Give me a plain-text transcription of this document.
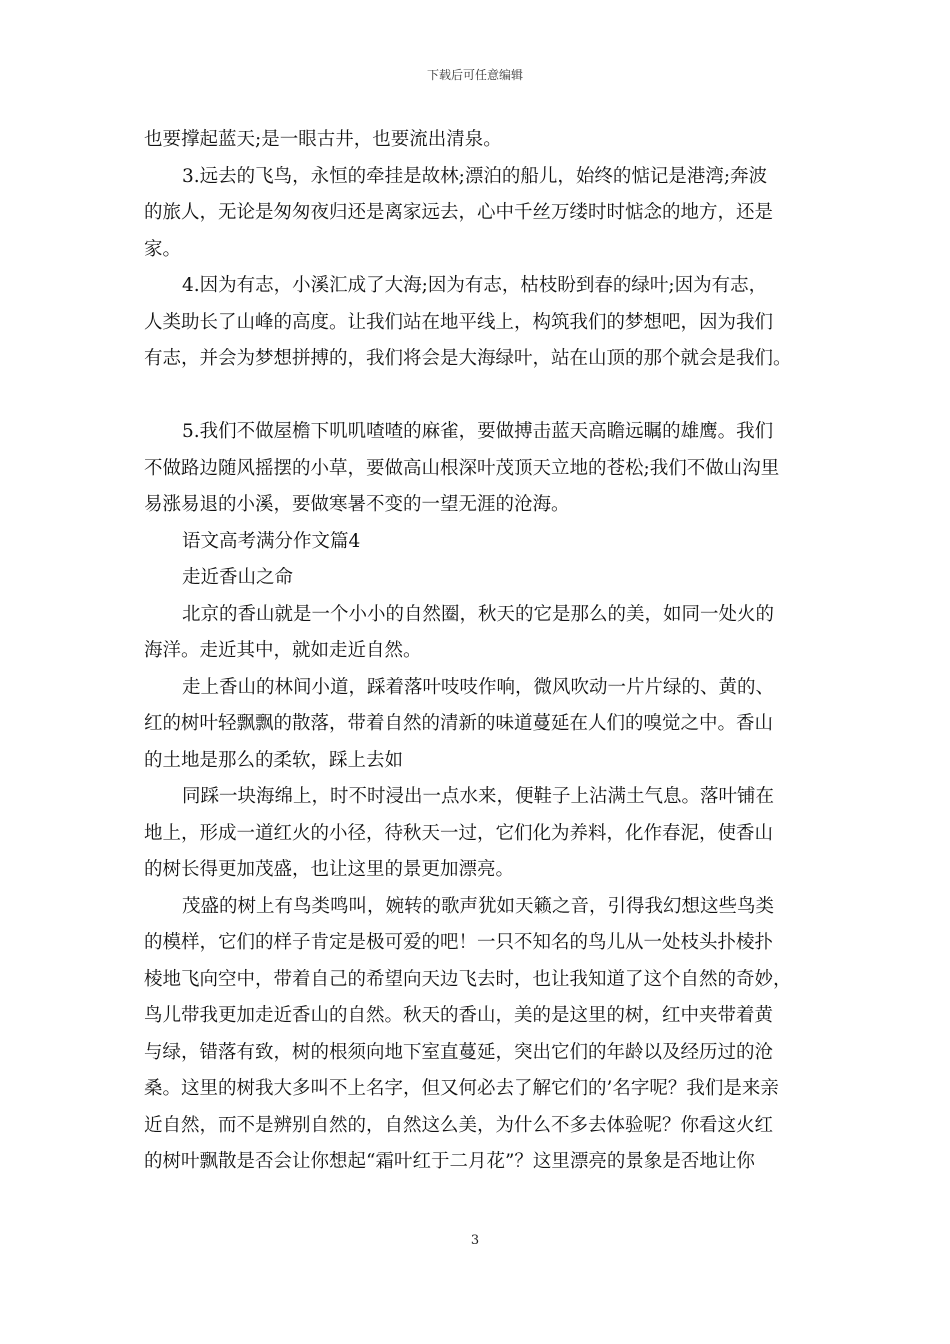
下载后可任意编辑
也要撑起蓝天;是一眼古井，也要流出清泉。
3.远去的飞鸟，永恒的牵挂是故林;漂泊的船儿，始终的惦记是港湾;奔波
的旅人，无论是匆匆夜归还是离家远去，心中千丝万缕时时惦念的地方，还是
家。
4.因为有志，小溪汇成了大海;因为有志，枯枝盼到春的绿叶;因为有志，
人类助长了山峰的高度。让我们站在地平线上，构筑我们的梦想吧，因为我们
有志，并会为梦想拼搏的，我们将会是大海绿叶，站在山顶的那个就会是我们。
5.我们不做屋檐下叽叽喳喳的麻雀，要做搏击蓝天高瞻远瞩的雄鹰。我们
不做路边随风摇摆的小草，要做高山根深叶茂顶天立地的苍松;我们不做山沟里
易涨易退的小溪，要做寒暑不变的一望无涯的沧海。
语文高考满分作文篇4
走近香山之命
北京的香山就是一个小小的自然圈，秋天的它是那么的美，如同一处火的
海洋。走近其中，就如走近自然。
走上香山的林间小道，踩着落叶吱吱作响，微风吹动一片片绿的、黄的、
红的树叶轻飘飘的散落，带着自然的清新的味道蔓延在人们的嗅觉之中。香山
的土地是那么的柔软，踩上去如
同踩一块海绵上，时不时浸出一点水来，便鞋子上沾满土气息。落叶铺在
地上，形成一道红火的小径，待秋天一过，它们化为养料，化作春泥，使香山
的树长得更加茂盛，也让这里的景更加漂亮。
茂盛的树上有鸟类鸣叫，婉转的歌声犹如天籁之音，引得我幻想这些鸟类
的模样，它们的样子肯定是极可爱的吧！一只不知名的鸟儿从一处枝头扑棱扑
棱地飞向空中，带着自己的希望向天边飞去时，也让我知道了这个自然的奇妙，
鸟儿带我更加走近香山的自然。秋天的香山，美的是这里的树，红中夹带着黄
与绿，错落有致，树的根须向地下室直蔓延，突出它们的年龄以及经历过的沧
桑。这里的树我大多叫不上名字，但又何必去了解它们的’名字呢？我们是来亲
近自然，而不是辨别自然的，自然这么美，为什么不多去体验呢？你看这火红
的树叶飘散是否会让你想起“霜叶红于二月花”？这里漂亮的景象是否地让你
3
